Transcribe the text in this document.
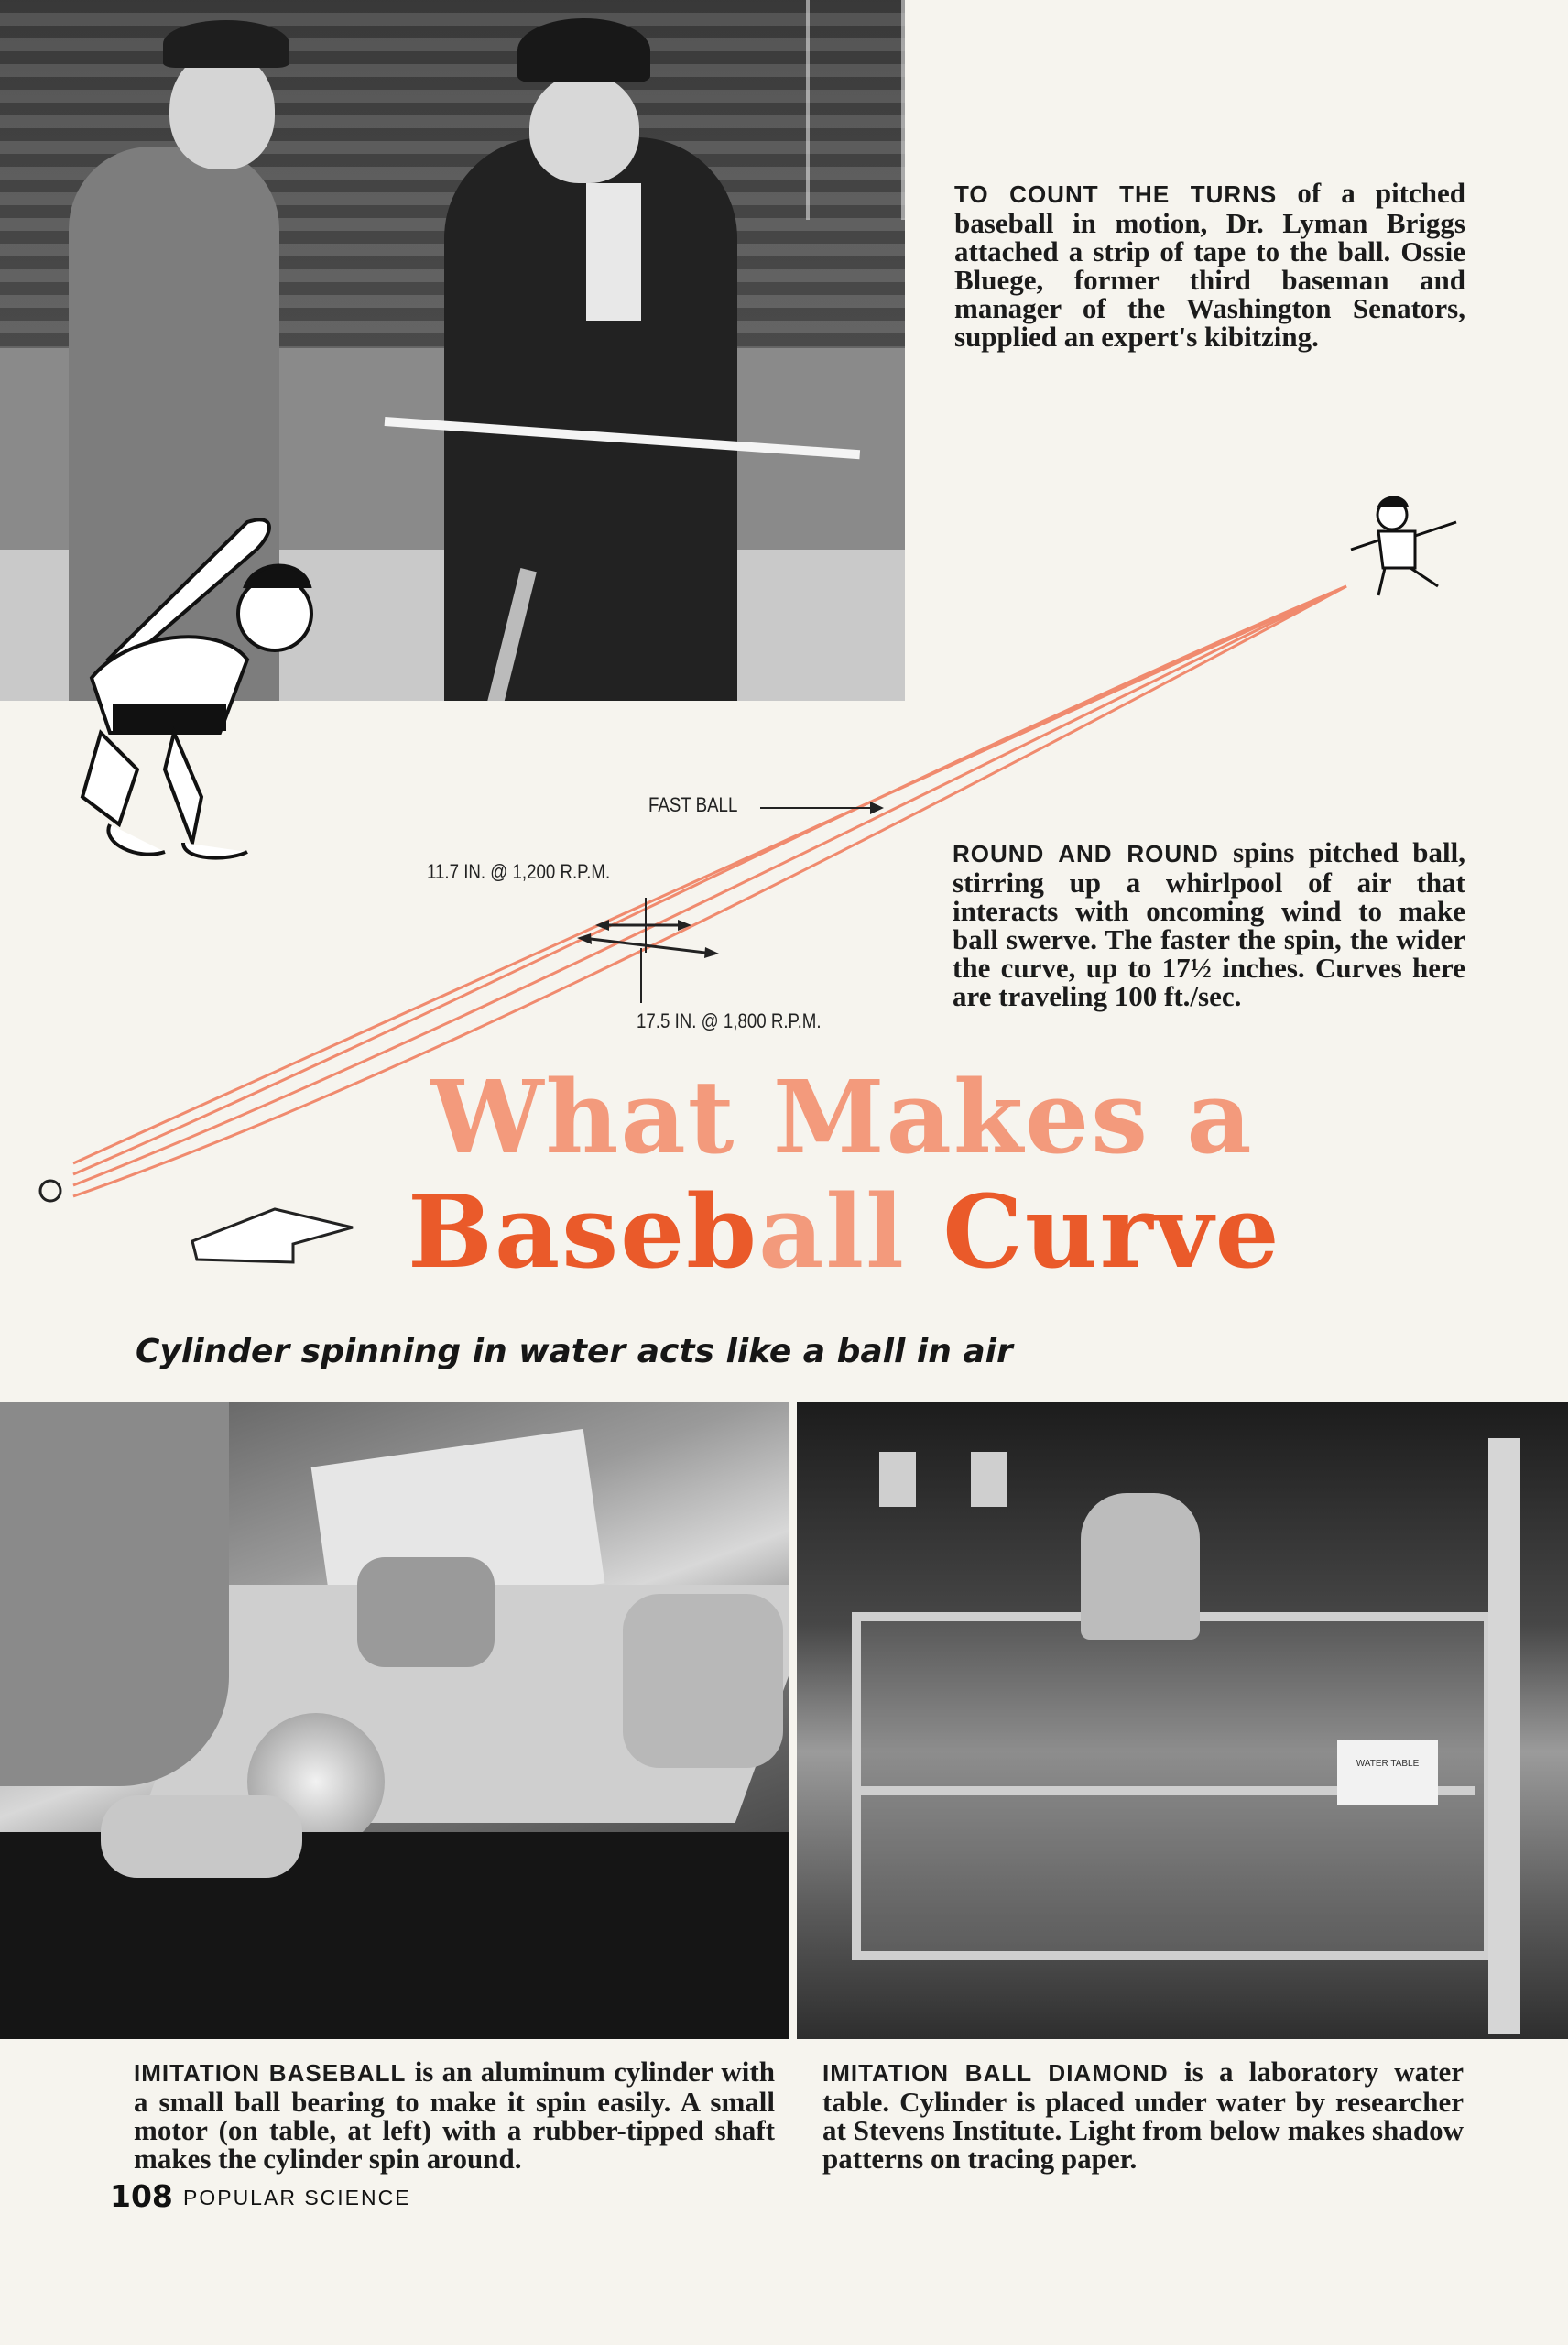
TO COUNT THE TURNS of a pitched baseball in motion, Dr. Lyman Briggs attached a strip of tape to the ball. Ossie Bluege, former third baseman and manager of the Washington Senators, supplied an expert's kibitzing.
FAST BALL
11.7 IN. @ 1,200 R.P.M.
17.5 IN. @ 1,800 R.P.M.
ROUND AND ROUND spins pitched ball, stirring up a whirlpool of air that interacts with oncoming wind to make ball swerve. The faster the spin, the wider the curve, up to 17½ inches. Curves here are traveling 100 ft./sec.
What Makes a
Baseball Curve
Cylinder spinning in water acts like a ball in air
WATER TABLE
IMITATION BASEBALL is an aluminum cylinder with a small ball bearing to make it spin easily. A small motor (on table, at left) with a rubber-tipped shaft makes the cylinder spin around.
IMITATION BALL DIAMOND is a laboratory water table. Cylinder is placed under water by researcher at Stevens Institute. Light from below makes shadow patterns on tracing paper.
108 POPULAR SCIENCE
